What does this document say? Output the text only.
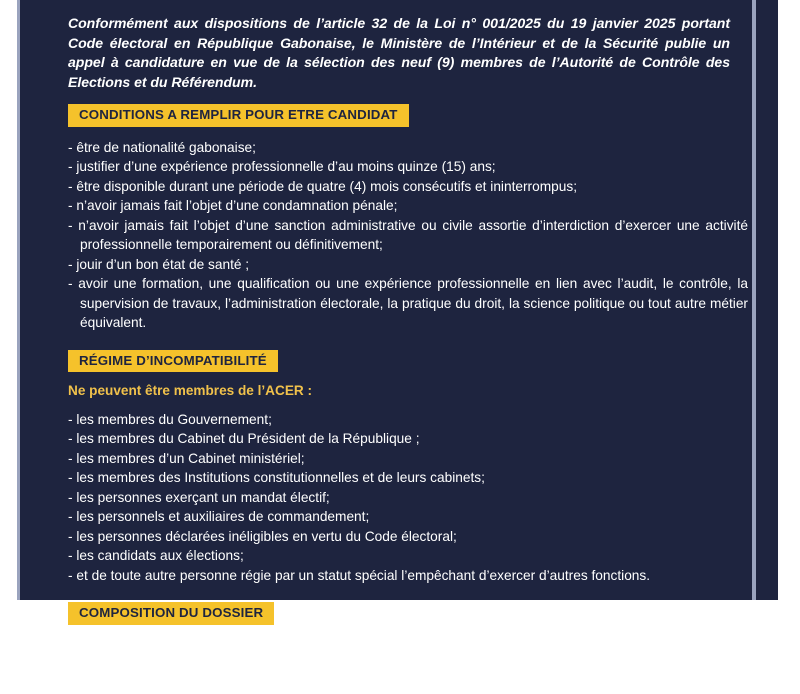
Conformément aux dispositions de l’article 32 de la Loi n° 001/2025 du 19 janvier 2025 portant Code électoral en République Gabonaise, le Ministère de l’Intérieur et de la Sécurité publie un appel à candidature en vue de la sélection des neuf (9) membres de l’Autorité de Contrôle des Elections et du Référendum.

CONDITIONS A REMPLIR POUR ETRE CANDIDAT
- être de nationalité gabonaise;
- justifier d’une expérience professionnelle d’au moins quinze (15) ans;
- être disponible durant une période de quatre (4) mois consécutifs et ininterrompus;
- n’avoir jamais fait l’objet d’une condamnation pénale;
- n’avoir jamais fait l’objet d’une sanction administrative ou civile assortie d’interdiction d’exercer une activité professionnelle temporairement ou définitivement;
- jouir d’un bon état de santé ;
- avoir une formation, une qualification ou une expérience professionnelle en lien avec l’audit, le contrôle, la supervision de travaux, l’administration électorale, la pratique du droit, la science politique ou tout autre métier équivalent.
RÉGIME D’INCOMPATIBILITÉ

Ne peuvent être membres de l’ACER :

- les membres du Gouvernement;
- les membres du Cabinet du Président de la République ;
- les membres d’un Cabinet ministériel;
- les membres des Institutions constitutionnelles et de leurs cabinets;
- les personnes exerçant un mandat électif;
- les personnels et auxiliaires de commandement;
- les personnes déclarées inéligibles en vertu du Code électoral;
- les candidats aux élections;
- et de toute autre personne régie par un statut spécial l’empêchant d’exercer d’autres fonctions.
COMPOSITION DU DOSSIER
- un (1) Curriculum Vitae (CV);
- une (1) copie conforme à l’original de la pièce d’identité;
- un (1) extrait de casier judiciaire datant de moins de trois (3) mois;
